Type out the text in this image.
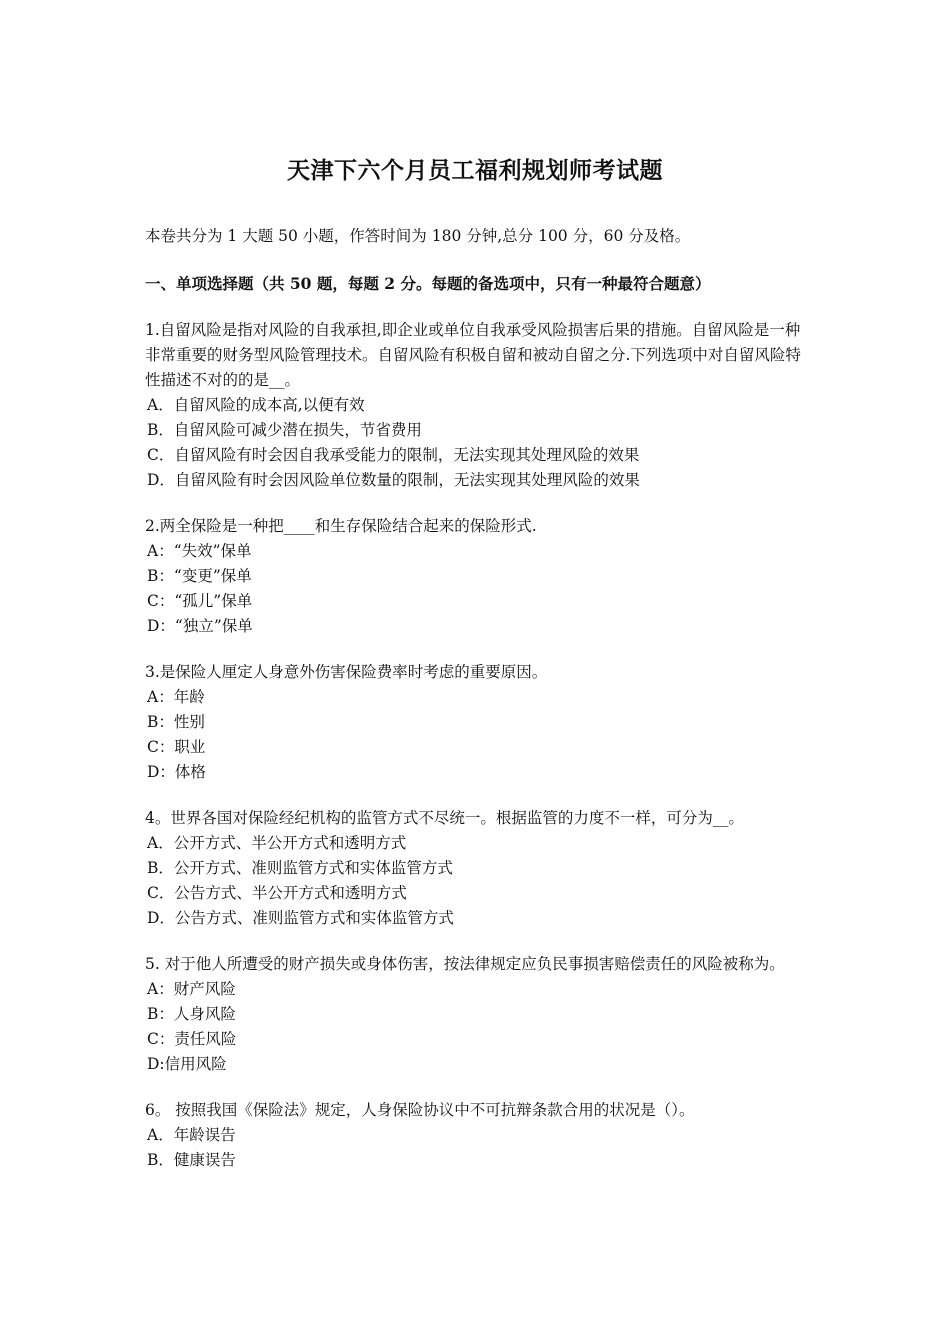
天津下六个月员工福利规划师考试题

本卷共分为 1 大题 50 小题，作答时间为 180 分钟,总分 100 分，60 分及格。

一、单项选择题（共 50 题，每题 2 分。每题的备选项中，只有一种最符合题意）

1.自留风险是指对风险的自我承担,即企业或单位自我承受风险损害后果的措施。自留风险是一种非常重要的财务型风险管理技术。自留风险有积极自留和被动自留之分.下列选项中对自留风险特性描述不对的的是__。

A．自留风险的成本高,以便有效
B．自留风险可减少潜在损失，节省费用
C．自留风险有时会因自我承受能力的限制，无法实现其处理风险的效果
D．自留风险有时会因风险单位数量的限制，无法实现其处理风险的效果

2.两全保险是一种把____和生存保险结合起来的保险形式.

A：“失效”保单
B：“变更”保单
C：“孤儿”保单
D：“独立”保单

3.是保险人厘定人身意外伤害保险费率时考虑的重要原因。

A：年龄
B：性别
C：职业
D：体格

4。世界各国对保险经纪机构的监管方式不尽统一。根据监管的力度不一样，可分为__。

A．公开方式、半公开方式和透明方式
B．公开方式、准则监管方式和实体监管方式
C．公告方式、半公开方式和透明方式
D．公告方式、准则监管方式和实体监管方式

5. 对于他人所遭受的财产损失或身体伤害，按法律规定应负民事损害赔偿责任的风险被称为。

A：财产风险
B：人身风险
C：责任风险
D:信用风险

6。 按照我国《保险法》规定，人身保险协议中不可抗辩条款合用的状况是（）。

A．年龄误告
B．健康误告
